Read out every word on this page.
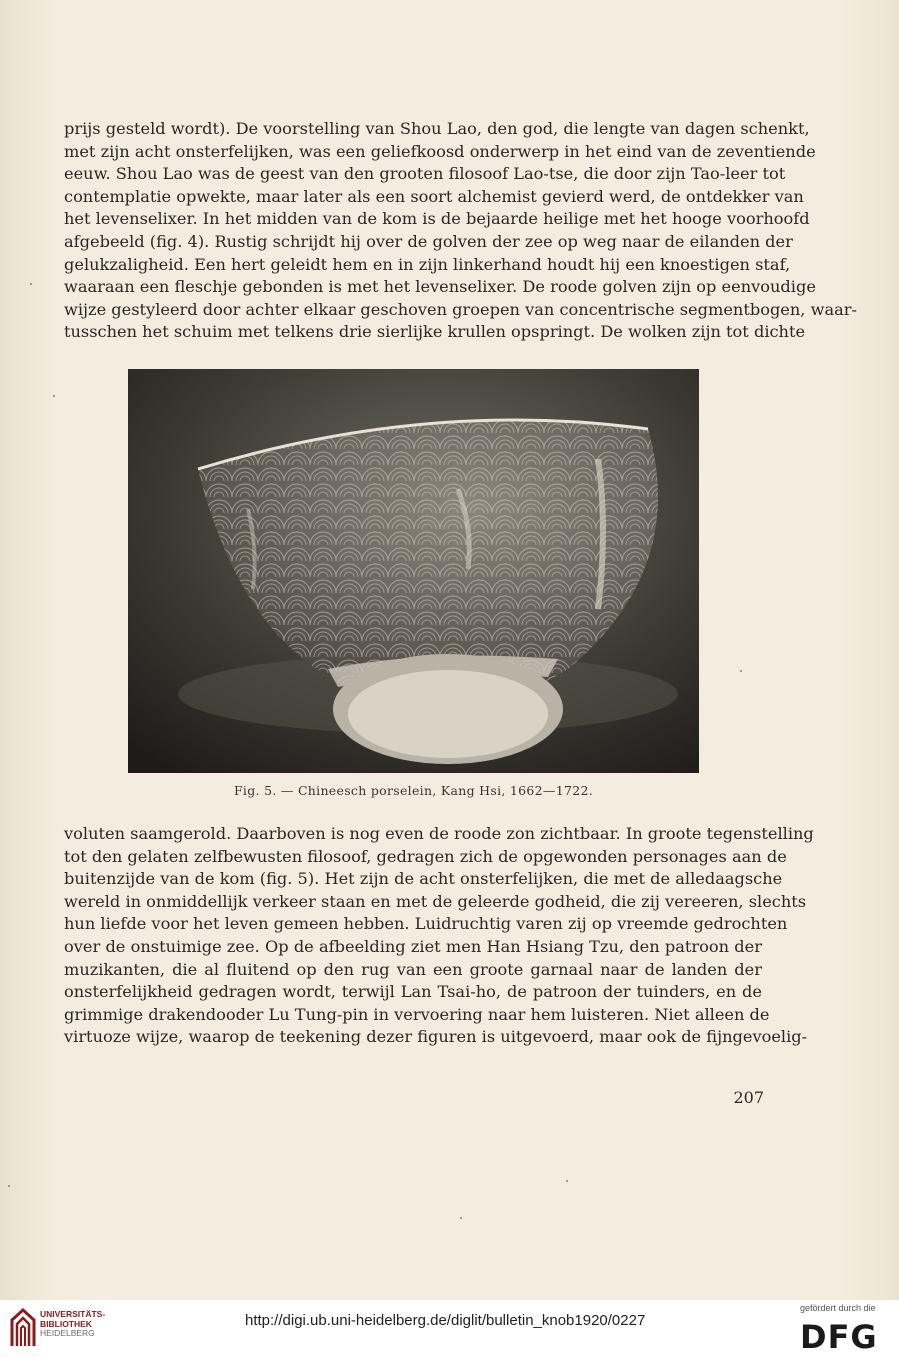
prijs gesteld wordt). De voorstelling van Shou Lao, den god, die lengte van dagen schenkt,
met zijn acht onsterfelijken, was een geliefkoosd onderwerp in het eind van de zeventiende
eeuw. Shou Lao was de geest van den grooten filosoof Lao-tse, die door zijn Tao-leer tot
contemplatie opwekte, maar later als een soort alchemist gevierd werd, de ontdekker van
het levenselixer. In het midden van de kom is de bejaarde heilige met het hooge voorhoofd
afgebeeld (fig. 4). Rustig schrijdt hij over de golven der zee op weg naar de eilanden der
gelukzaligheid. Een hert geleidt hem en in zijn linkerhand houdt hij een knoestigen staf,
waaraan een fleschje gebonden is met het levenselixer. De roode golven zijn op eenvoudige
wijze gestyleerd door achter elkaar geschoven groepen van concentrische segmentbogen, waar-
tusschen het schuim met telkens drie sierlijke krullen opspringt. De wolken zijn tot dichte
Fig. 5. — Chineesch porselein, Kang Hsi, 1662—1722.
voluten saamgerold. Daarboven is nog even de roode zon zichtbaar. In groote tegenstelling
tot den gelaten zelfbewusten filosoof, gedragen zich de opgewonden personages aan de
buitenzijde van de kom (fig. 5). Het zijn de acht onsterfelijken, die met de alledaagsche
wereld in onmiddellijk verkeer staan en met de geleerde godheid, die zij vereeren, slechts
hun liefde voor het leven gemeen hebben. Luidruchtig varen zij op vreemde gedrochten
over de onstuimige zee. Op de afbeelding ziet men Han Hsiang Tzu, den patroon der
muzikanten, die al fluitend op den rug van een groote garnaal naar de landen der
onsterfelijkheid gedragen wordt, terwijl Lan Tsai-ho, de patroon der tuinders, en de
grimmige drakendooder Lu Tung-pin in vervoering naar hem luisteren. Niet alleen de
virtuoze wijze, waarop de teekening dezer figuren is uitgevoerd, maar ook de fijngevoelig-
207
UNIVERSITÄTS-
BIBLIOTHEK
HEIDELBERG
http://digi.ub.uni-heidelberg.de/diglit/bulletin_knob1920/0227
gefördert durch die
DFG
